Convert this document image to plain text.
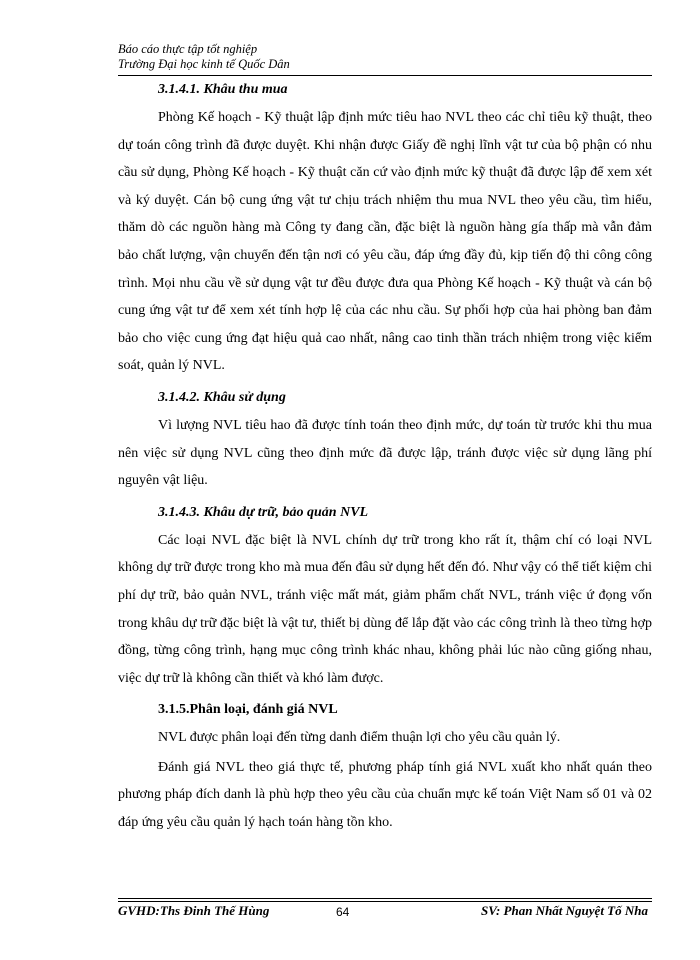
Báo cáo thực tập tốt nghiệp
Trường Đại học kinh tế Quốc Dân
3.1.4.1. Khâu thu mua

Phòng Kế hoạch - Kỹ thuật lập định mức tiêu hao NVL theo các chỉ tiêu kỹ thuật, theo dự toán công trình đã được duyệt. Khi nhận được Giấy đề nghị lĩnh vật tư của bộ phận có nhu cầu sử dụng, Phòng Kế hoạch - Kỹ thuật căn cứ vào định mức kỹ thuật đã được lập để xem xét và ký duyệt. Cán bộ cung ứng vật tư chịu trách nhiệm thu mua NVL theo yêu cầu, tìm hiểu, thăm dò các nguồn hàng mà Công ty đang cần, đặc biệt là nguồn hàng gía thấp mà vẫn đảm bảo chất lượng, vận chuyển đến tận nơi có yêu cầu, đáp ứng đầy đủ, kịp tiến độ thi công công trình. Mọi nhu cầu về sử dụng vật tư đều được đưa qua Phòng Kế hoạch - Kỹ thuật và cán bộ cung ứng vật tư để xem xét tính hợp lệ của các nhu cầu. Sự phối hợp của hai phòng ban đảm bảo cho việc cung ứng đạt hiệu quả cao nhất, nâng cao tinh thần trách nhiệm trong việc kiểm soát, quản lý NVL.

3.1.4.2. Khâu sử dụng

Vì lượng NVL tiêu hao đã được tính toán theo định mức, dự toán từ trước khi thu mua nên việc sử dụng NVL cũng theo định mức đã được lập, tránh được việc sử dụng lãng phí nguyên vật liệu.

3.1.4.3. Khâu dự trữ, bảo quản NVL

Các loại NVL đặc biệt là NVL chính dự trữ trong kho rất ít, thậm chí có loại NVL không dự trữ được trong kho mà mua đến đâu sử dụng hết đến đó. Như vậy có thể tiết kiệm chi phí dự trữ, bảo quản NVL, tránh việc mất mát, giảm phẩm chất NVL, tránh việc ứ đọng vốn trong khâu dự trữ đặc biệt là vật tư, thiết bị dùng để lắp đặt vào các công trình là theo từng hợp đồng, từng công trình, hạng mục công trình khác nhau, không phải lúc nào cũng giống nhau, việc dự trữ là không cần thiết và khó làm được.

3.1.5.Phân loại, đánh giá NVL

NVL được phân loại đến từng danh điểm thuận lợi cho yêu cầu quản lý.

Đánh giá NVL theo giá thực tế, phương pháp tính giá NVL xuất kho nhất quán theo phương pháp đích danh là phù hợp theo yêu cầu của chuẩn mực kế toán Việt Nam số 01 và 02 đáp ứng yêu cầu quản lý hạch toán hàng tồn kho.

GVHD:Ths Đinh Thế Hùng	64	SV: Phan Nhất Nguyệt Tố Nha
